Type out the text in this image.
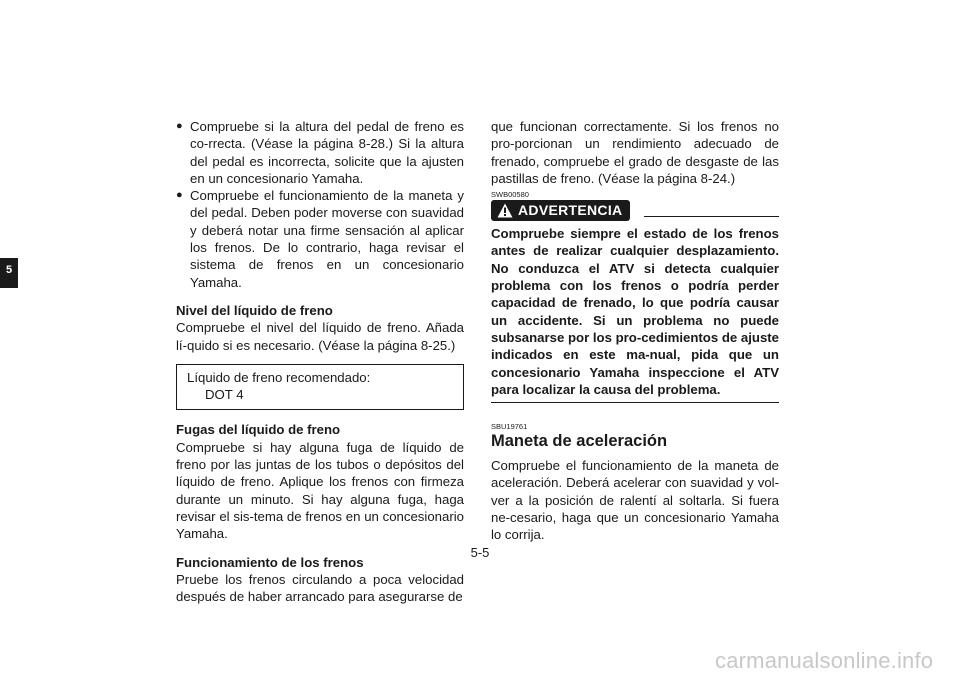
5
● Compruebe si la altura del pedal de freno es co-rrecta. (Véase la página 8-28.) Si la altura del pedal es incorrecta, solicite que la ajusten en un concesionario Yamaha.
● Compruebe el funcionamiento de la maneta y del pedal. Deben poder moverse con suavidad y deberá notar una firme sensación al aplicar los frenos. De lo contrario, haga revisar el sistema de frenos en un concesionario Yamaha.

Nivel del líquido de freno

Compruebe el nivel del líquido de freno. Añada lí-quido si es necesario. (Véase la página 8-25.)

Líquido de freno recomendado:
DOT 4

Fugas del líquido de freno

Compruebe si hay alguna fuga de líquido de freno por las juntas de los tubos o depósitos del líquido de freno. Aplique los frenos con firmeza durante un minuto. Si hay alguna fuga, haga revisar el sis-tema de frenos en un concesionario Yamaha.

Funcionamiento de los frenos

Pruebe los frenos circulando a poca velocidad después de haber arrancado para asegurarse de

que funcionan correctamente. Si los frenos no pro-porcionan un rendimiento adecuado de frenado, compruebe el grado de desgaste de las pastillas de freno. (Véase la página 8-24.)

SWB00580
ADVERTENCIA

Compruebe siempre el estado de los frenos antes de realizar cualquier desplazamiento. No conduzca el ATV si detecta cualquier problema con los frenos o podría perder capacidad de frenado, lo que podría causar un accidente. Si un problema no puede subsanarse por los pro-cedimientos de ajuste indicados en este ma-nual, pida que un concesionario Yamaha inspeccione el ATV para localizar la causa del problema.

SBU19761
Maneta de aceleración

Compruebe el funcionamiento de la maneta de aceleración. Deberá acelerar con suavidad y vol-ver a la posición de ralentí al soltarla. Si fuera ne-cesario, haga que un concesionario Yamaha lo corrija.

5-5
carmanualsonline.info
